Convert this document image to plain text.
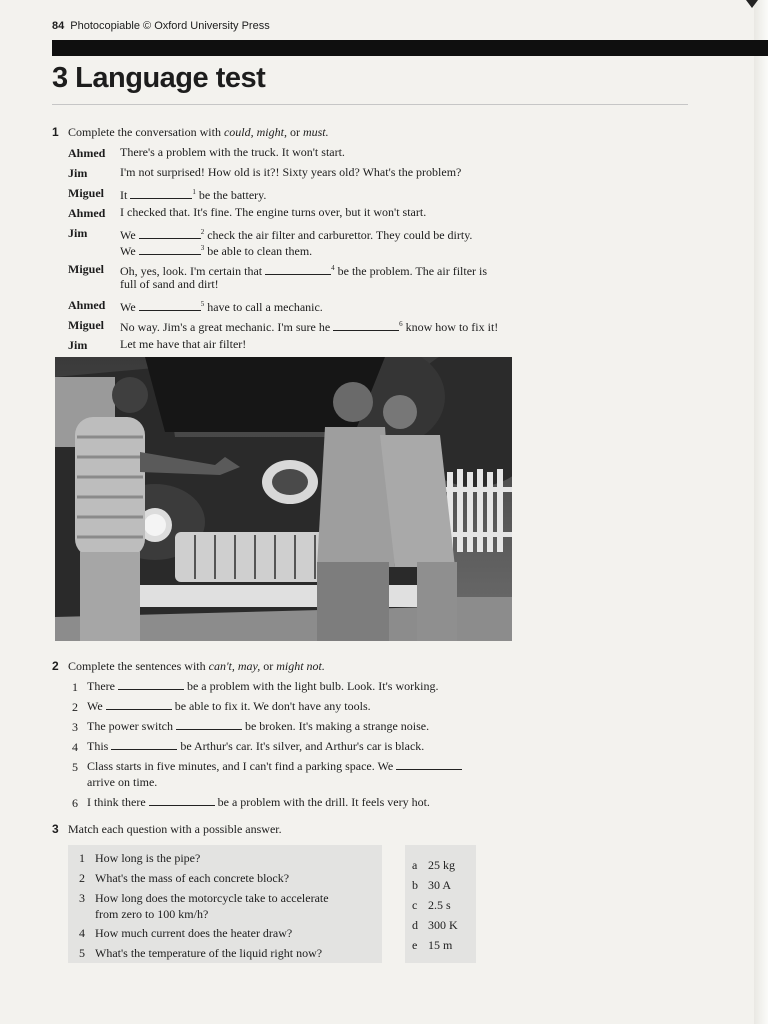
84 Photocopiable © Oxford University Press
3 Language test
1 Complete the conversation with could, might, or must.
Ahmed There's a problem with the truck. It won't start.
Jim	I'm not surprised! How old is it?! Sixty years old? What's the problem?
Miguel It	$^1$ be the battery.
Ahmed I checked that. It's fine. The engine turns over, but it won't start.
Jim	We	$^2$ check the air filter and carburettor. They could be dirty.
We	$^3$ be able to clean them.
Miguel Oh, yes, look. I'm certain that	$^4$ be the problem. The air filter is
full of sand and dirt!
Ahmed We	$^5$ have to call a mechanic.
Miguel No way. Jim's a great mechanic. I'm sure he	$^6$ know how to fix it!
Jim	Let me have that air filter!
2 Complete the sentences with can't, may, or might not.
1 There	be a problem with the light bulb. Look. It's working.
2 We	be able to fix it. We don't have any tools.
3 The power switch	be broken. It's making a strange noise.
4 This	be Arthur's car. It's silver, and Arthur's car is black.
5 Class starts in five minutes, and I can't find a parking space. We
arrive on time.
6 I think there	be a problem with the drill. It feels very hot.
3 Match each question with a possible answer.
1 How long is the pipe?
2 What's the mass of each concrete block?
3 How long does the motorcycle take to accelerate
from zero to 100 km/h?
4 How much current does the heater draw?
5 What's the temperature of the liquid right now?
a 25 kg
b 30 A
c 2.5 s
d 300 K
e 15 m
